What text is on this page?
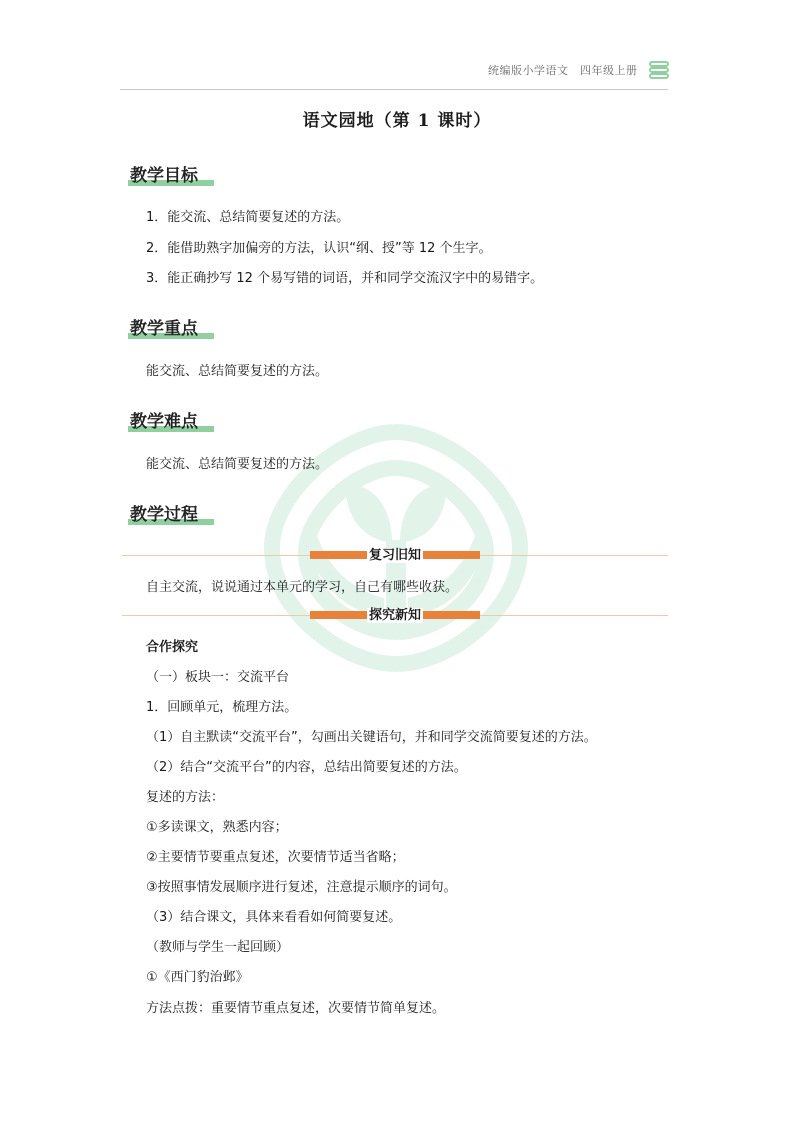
统编版小学语文　四年级上册
语文园地（第 1 课时）
教学目标
1．能交流、总结简要复述的方法。
2．能借助熟字加偏旁的方法，认识“纲、授”等 12 个生字。
3．能正确抄写 12 个易写错的词语，并和同学交流汉字中的易错字。
教学重点
能交流、总结简要复述的方法。
教学难点
能交流、总结简要复述的方法。
教学过程
复习旧知
自主交流，说说通过本单元的学习，自己有哪些收获。
探究新知
合作探究
（一）板块一：交流平台
1．回顾单元，梳理方法。
（1）自主默读“交流平台”，勾画出关键语句，并和同学交流简要复述的方法。
（2）结合“交流平台”的内容，总结出简要复述的方法。
复述的方法：
①多读课文，熟悉内容；
②主要情节要重点复述，次要情节适当省略；
③按照事情发展顺序进行复述，注意提示顺序的词句。
（3）结合课文，具体来看看如何简要复述。
（教师与学生一起回顾）
①《西门豹治邺》
方法点拨：重要情节重点复述，次要情节简单复述。
